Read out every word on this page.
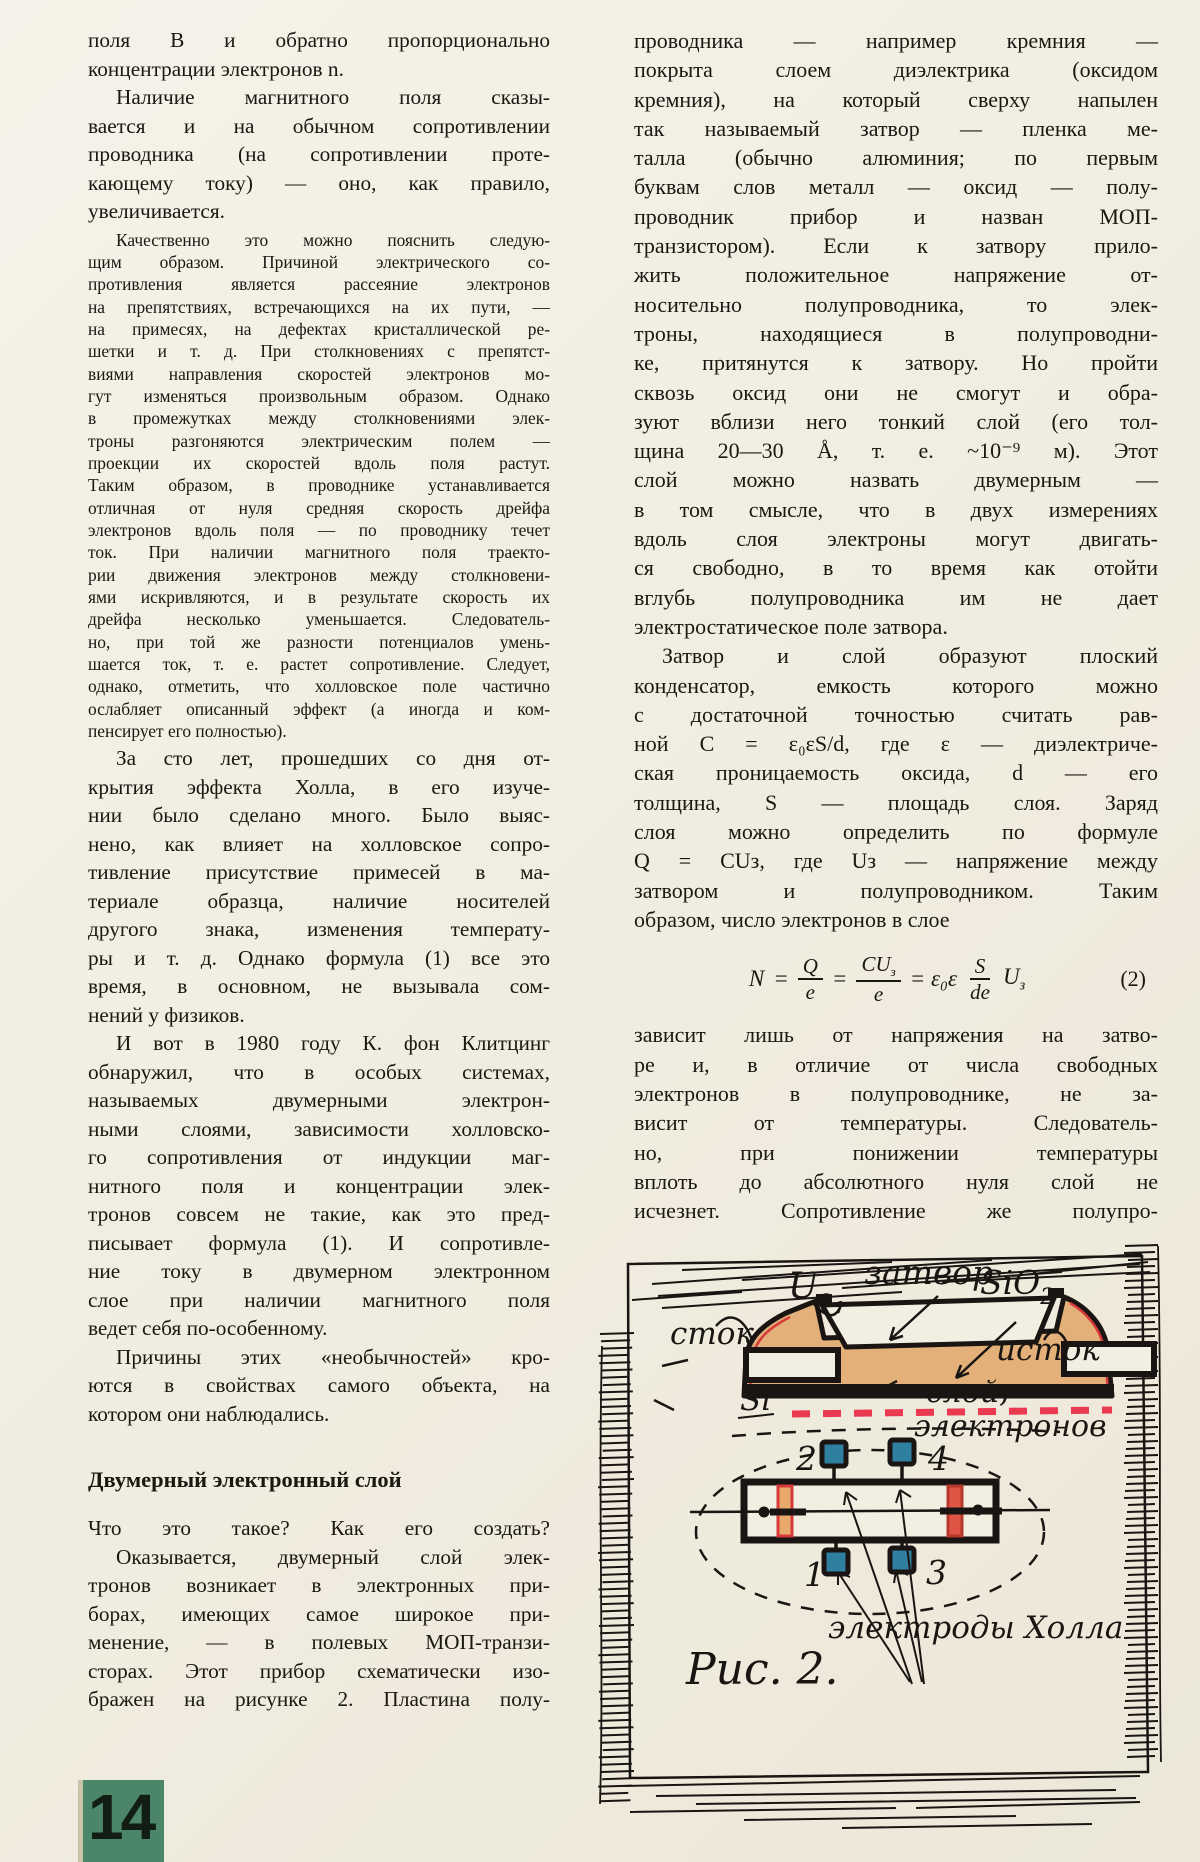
поля B и обратно пропорционально
концентрации электронов n.
Наличие магнитного поля сказы-
вается и на обычном сопротивлении
проводника (на сопротивлении проте-
кающему току) — оно, как правило,
увеличивается.
Качественно это можно пояснить следую-
щим образом. Причиной электрического со-
противления является рассеяние электронов
на препятствиях, встречающихся на их пути, —
на примесях, на дефектах кристаллической ре-
шетки и т. д. При столкновениях с препятст-
виями направления скоростей электронов мо-
гут изменяться произвольным образом. Однако
в промежутках между столкновениями элек-
троны разгоняются электрическим полем —
проекции их скоростей вдоль поля растут.
Таким образом, в проводнике устанавливается
отличная от нуля средняя скорость дрейфа
электронов вдоль поля — по проводнику течет
ток. При наличии магнитного поля траекто-
рии движения электронов между столкновени-
ями искривляются, и в результате скорость их
дрейфа несколько уменьшается. Следователь-
но, при той же разности потенциалов умень-
шается ток, т. е. растет сопротивление. Следует,
однако, отметить, что холловское поле частично
ослабляет описанный эффект (а иногда и ком-
пенсирует его полностью).
За сто лет, прошедших со дня от-
крытия эффекта Холла, в его изуче-
нии было сделано много. Было выяс-
нено, как влияет на холловское сопро-
тивление присутствие примесей в ма-
териале образца, наличие носителей
другого знака, изменения температу-
ры и т. д. Однако формула (1) все это
время, в основном, не вызывала сом-
нений у физиков.
И вот в 1980 году К. фон Клитцинг
обнаружил, что в особых системах,
называемых двумерными электрон-
ными слоями, зависимости холловско-
го сопротивления от индукции маг-
нитного поля и концентрации элек-
тронов совсем не такие, как это пред-
писывает формула (1). И сопротивле-
ние току в двумерном электронном
слое при наличии магнитного поля
ведет себя по-особенному.
Причины этих «необычностей» кро-
ются в свойствах самого объекта, на
котором они наблюдались.
Двумерный электронный слой
Что это такое? Как его создать?
Оказывается, двумерный слой элек-
тронов возникает в электронных при-
борах, имеющих самое широкое при-
менение, — в полевых МОП-транзи-
сторах. Этот прибор схематически изо-
бражен на рисунке 2. Пластина полу-
проводника — например кремния —
покрыта слоем диэлектрика (оксидом
кремния), на который сверху напылен
так называемый затвор — пленка ме-
талла (обычно алюминия; по первым
буквам слов металл — оксид — полу-
проводник прибор и назван МОП-
транзистором). Если к затвору прило-
жить положительное напряжение от-
носительно полупроводника, то элек-
троны, находящиеся в полупроводни-
ке, притянутся к затвору. Но пройти
сквозь оксид они не смогут и обра-
зуют вблизи него тонкий слой (его тол-
щина 20—30 Å, т. е. ~10⁻⁹ м). Этот
слой можно назвать двумерным —
в том смысле, что в двух измерениях
вдоль слоя электроны могут двигать-
ся свободно, в то время как отойти
вглубь полупроводника им не дает
электростатическое поле затвора.
Затвор и слой образуют плоский
конденсатор, емкость которого можно
с достаточной точностью считать рав-
ной C = ε₀εS/d, где ε — диэлектриче-
ская проницаемость оксида, d — его
толщина, S — площадь слоя. Заряд
слоя можно определить по формуле
Q = CUз, где Uз — напряжение между
затвором и полупроводником. Таким
образом, число электронов в слое
$N = \frac{Q}{e} = \frac{CU_з}{e} = \varepsilon_0\varepsilon \frac{S}{de} U_з$	(2)
зависит лишь от напряжения на затво-
ре и, в отличие от числа свободных
электронов в полупроводнике, не за-
висит от температуры. Следователь-
но, при понижении температуры
вплоть до абсолютного нуля слой не
исчезнет. Сопротивление же полупро-
$U_з$
затвор
SiO$_2$
сток	исток
Si	слой,
электронов
2	4
1	3
электроды Холла
Рис. 2.
14
